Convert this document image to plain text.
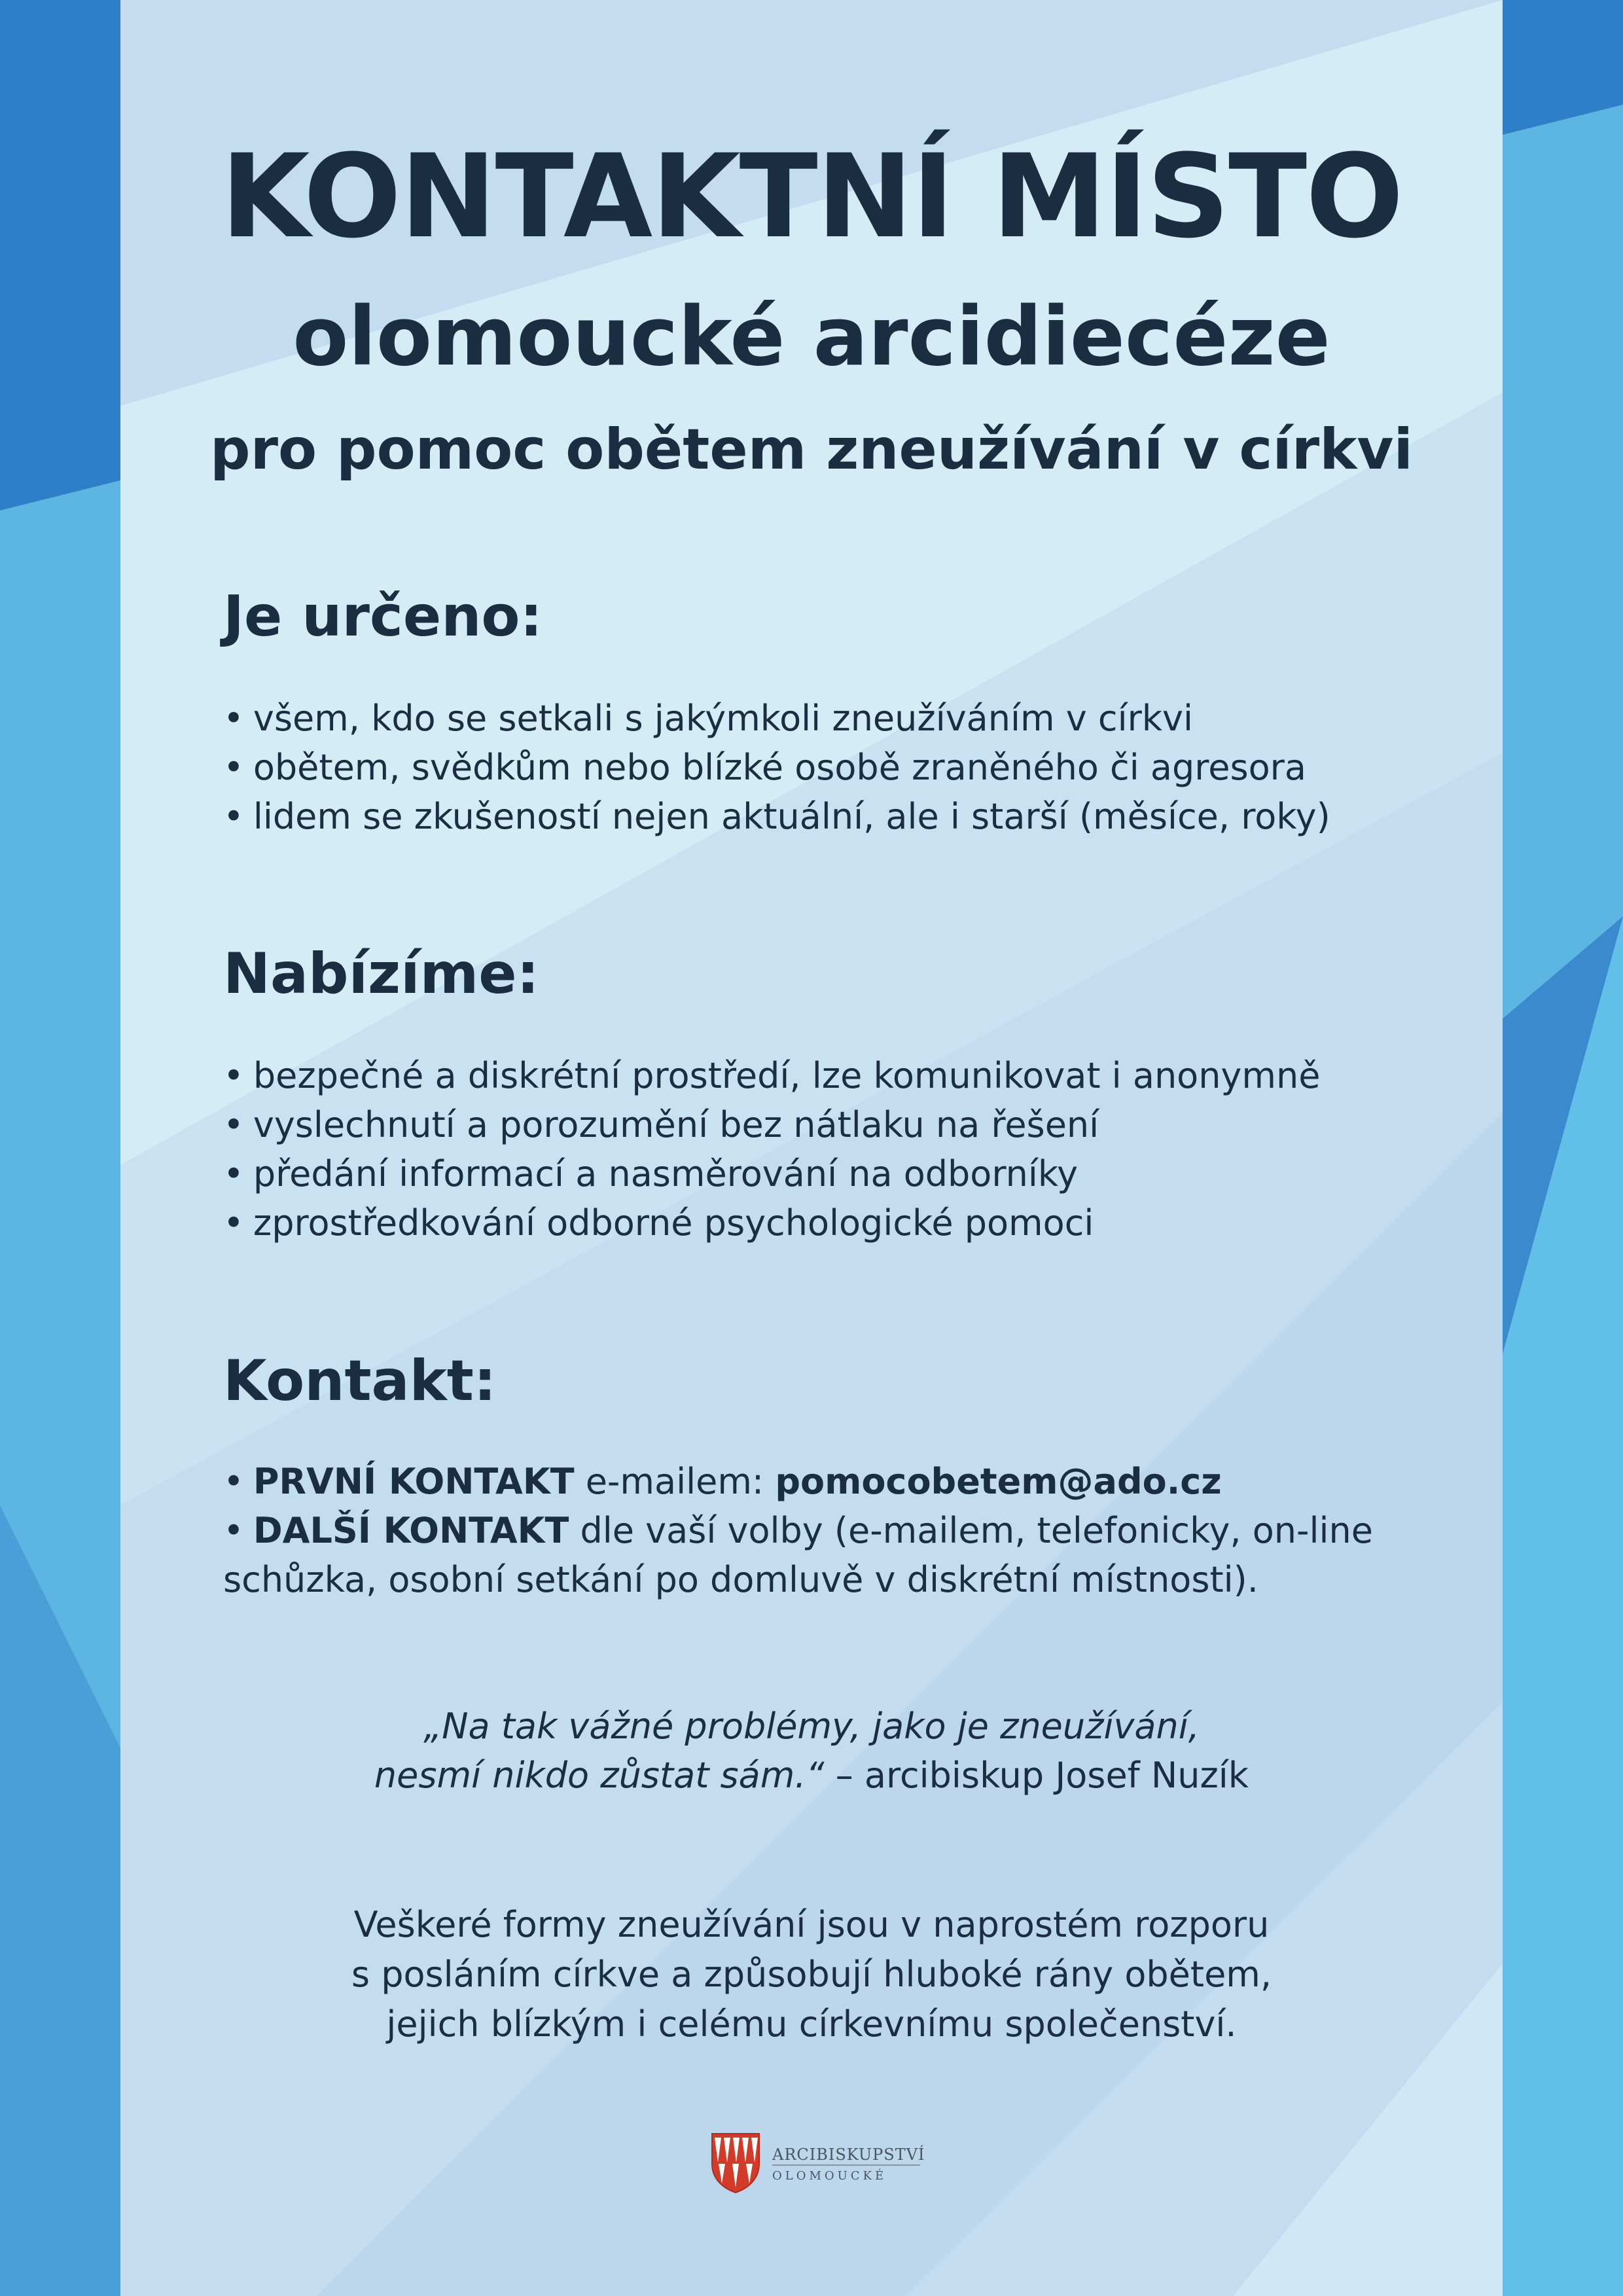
KONTAKTNÍ MÍSTO
olomoucké arcidiecéze
pro pomoc obětem zneužívání v církvi
Je určeno:
• všem, kdo se setkali s jakýmkoli zneužíváním v církvi
• obětem, svědkům nebo blízké osobě zraněného či agresora
• lidem se zkušeností nejen aktuální, ale i starší (měsíce, roky)
Nabízíme:
• bezpečné a diskrétní prostředí, lze komunikovat i anonymně
• vyslechnutí a porozumění bez nátlaku na řešení
• předání informací a nasměrování na odborníky
• zprostředkování odborné psychologické pomoci
Kontakt:

• PRVNÍ KONTAKT e-mailem: pomocobetem@ado.cz

• DALŠÍ KONTAKT dle vaší volby (e-mailem, telefonicky, on-line

schůzka, osobní setkání po domluvě v diskrétní místnosti).

„Na tak vážné problémy, jako je zneužívání,

nesmí nikdo zůstat sám.“ – arcibiskup Josef Nuzík

Veškeré formy zneužívání jsou v naprostém rozporu

s posláním církve a způsobují hluboké rány obětem,

jejich blízkým i celému církevnímu společenství.

ARCIBISKUPSTVÍ
OLOMOUCKÉ
